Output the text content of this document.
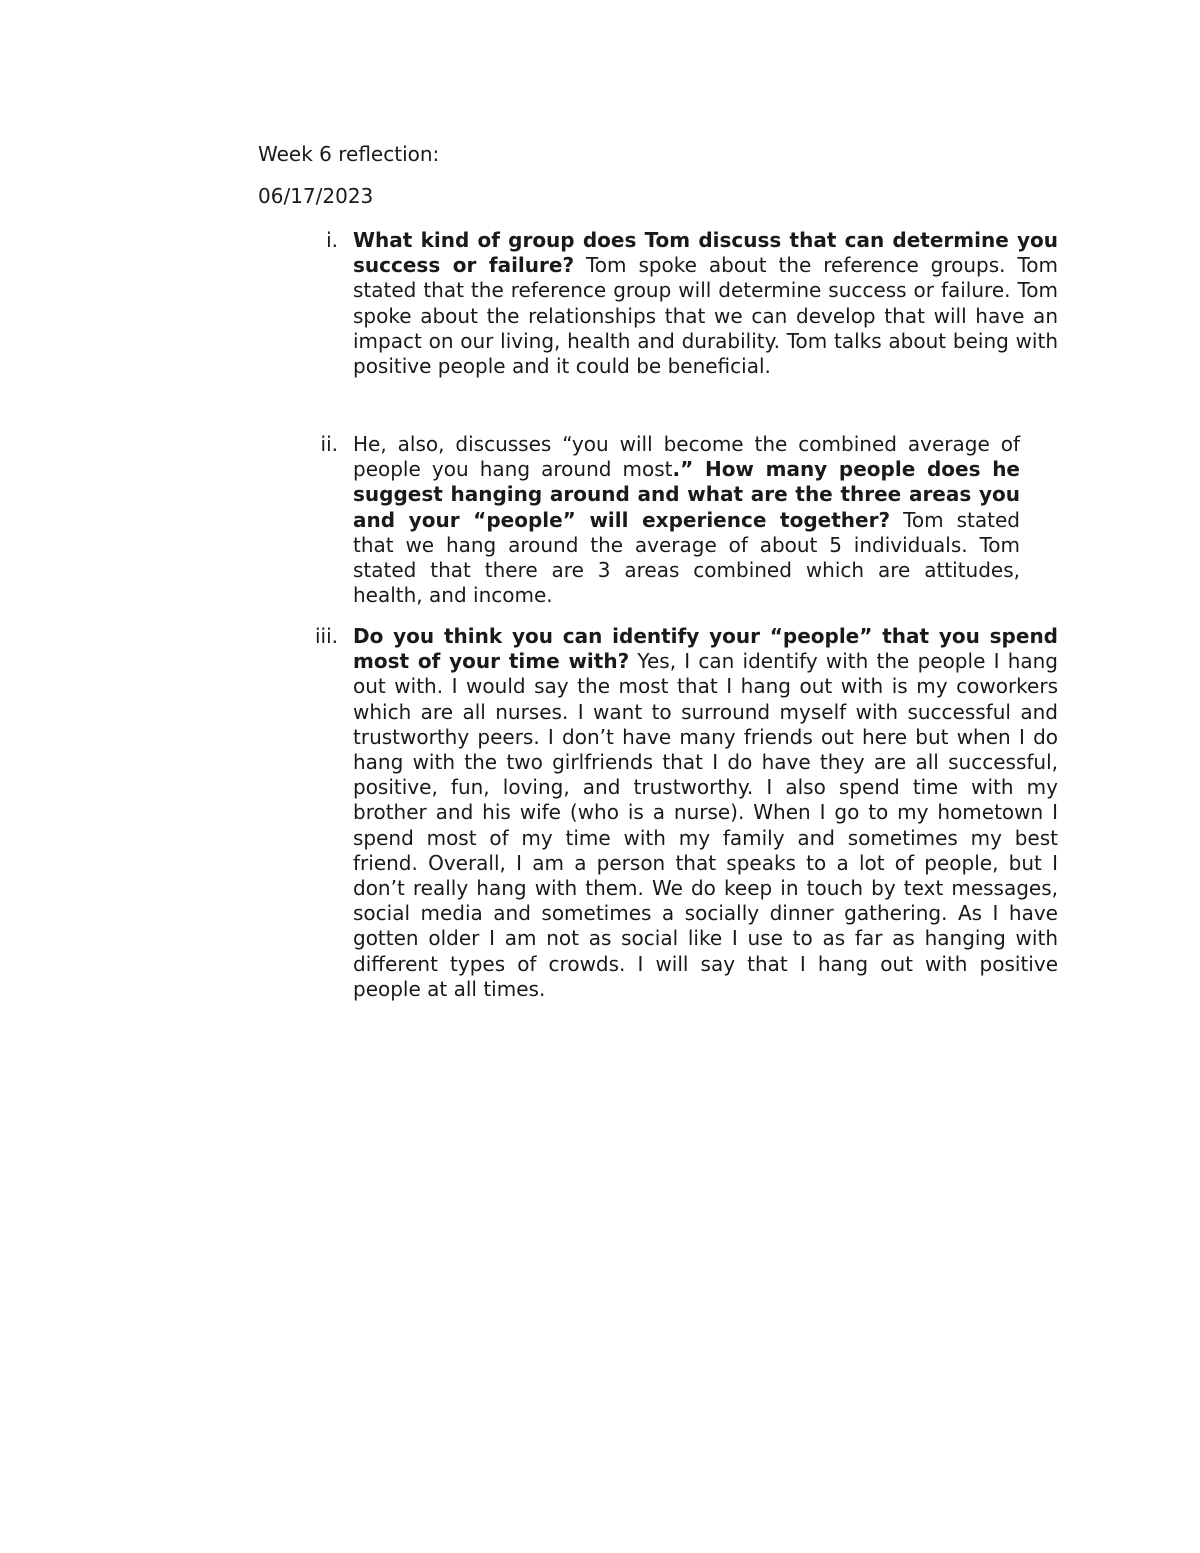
Week 6 reflection:

06/17/2023

i. What kind of group does Tom discuss that can determine you success or failure? Tom spoke about the reference groups. Tom stated that the reference group will determine success or failure. Tom spoke about the relationships that we can develop that will have an impact on our living, health and durability. Tom talks about being with positive people and it could be beneficial.

ii. He, also, discusses “you will become the combined average of people you hang around most.” How many people does he suggest hanging around and what are the three areas you and your “people” will experience together? Tom stated that we hang around the average of about 5 individuals. Tom stated that there are 3 areas combined which are attitudes, health, and income.

iii. Do you think you can identify your “people” that you spend most of your time with? Yes, I can identify with the people I hang out with. I would say the most that I hang out with is my coworkers which are all nurses. I want to surround myself with successful and trustworthy peers. I don’t have many friends out here but when I do hang with the two girlfriends that I do have they are all successful, positive, fun, loving, and trustworthy. I also spend time with my brother and his wife (who is a nurse). When I go to my hometown I spend most of my time with my family and sometimes my best friend. Overall, I am a person that speaks to a lot of people, but I don’t really hang with them. We do keep in touch by text messages, social media and sometimes a socially dinner gathering. As I have gotten older I am not as social like I use to as far as hanging with different types of crowds. I will say that I hang out with positive people at all times.
